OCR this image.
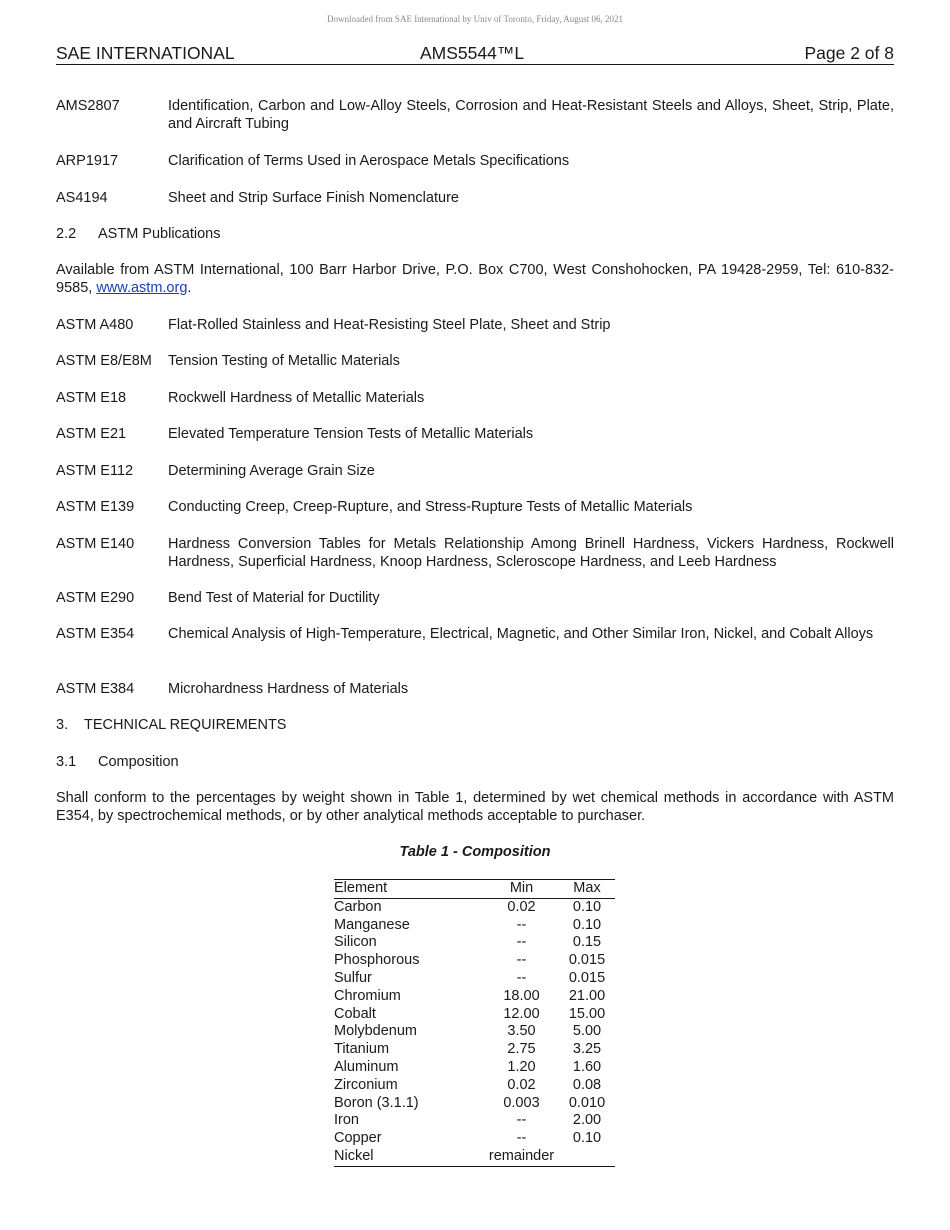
Downloaded from SAE International by Univ of Toronto, Friday, August 06, 2021
SAE INTERNATIONAL	AMS5544™L	Page 2 of 8
AMS2807	Identification, Carbon and Low-Alloy Steels, Corrosion and Heat-Resistant Steels and Alloys, Sheet, Strip, Plate, and Aircraft Tubing
ARP1917	Clarification of Terms Used in Aerospace Metals Specifications
AS4194	Sheet and Strip Surface Finish Nomenclature
2.2 ASTM Publications
Available from ASTM International, 100 Barr Harbor Drive, P.O. Box C700, West Conshohocken, PA 19428-2959, Tel: 610-832-9585, www.astm.org.
ASTM A480	Flat-Rolled Stainless and Heat-Resisting Steel Plate, Sheet and Strip
ASTM E8/E8M	Tension Testing of Metallic Materials
ASTM E18	Rockwell Hardness of Metallic Materials
ASTM E21	Elevated Temperature Tension Tests of Metallic Materials
ASTM E112	Determining Average Grain Size
ASTM E139	Conducting Creep, Creep-Rupture, and Stress-Rupture Tests of Metallic Materials
ASTM E140	Hardness Conversion Tables for Metals Relationship Among Brinell Hardness, Vickers Hardness, Rockwell Hardness, Superficial Hardness, Knoop Hardness, Scleroscope Hardness, and Leeb Hardness
ASTM E290	Bend Test of Material for Ductility
ASTM E354	Chemical Analysis of High-Temperature, Electrical, Magnetic, and Other Similar Iron, Nickel, and Cobalt Alloys
ASTM E384	Microhardness Hardness of Materials
3. TECHNICAL REQUIREMENTS
3.1 Composition
Shall conform to the percentages by weight shown in Table 1, determined by wet chemical methods in accordance with ASTM E354, by spectrochemical methods, or by other analytical methods acceptable to purchaser.
Table 1 - Composition
Element	Min	Max
Carbon	0.02	0.10
Manganese	--	0.10
Silicon	--	0.15
Phosphorous	--	0.015
Sulfur	--	0.015
Chromium	18.00	21.00
Cobalt	12.00	15.00
Molybdenum	3.50	5.00
Titanium	2.75	3.25
Aluminum	1.20	1.60
Zirconium	0.02	0.08
Boron (3.1.1)	0.003	0.010
Iron	--	2.00
Copper	--	0.10
Nickel	remainder	
